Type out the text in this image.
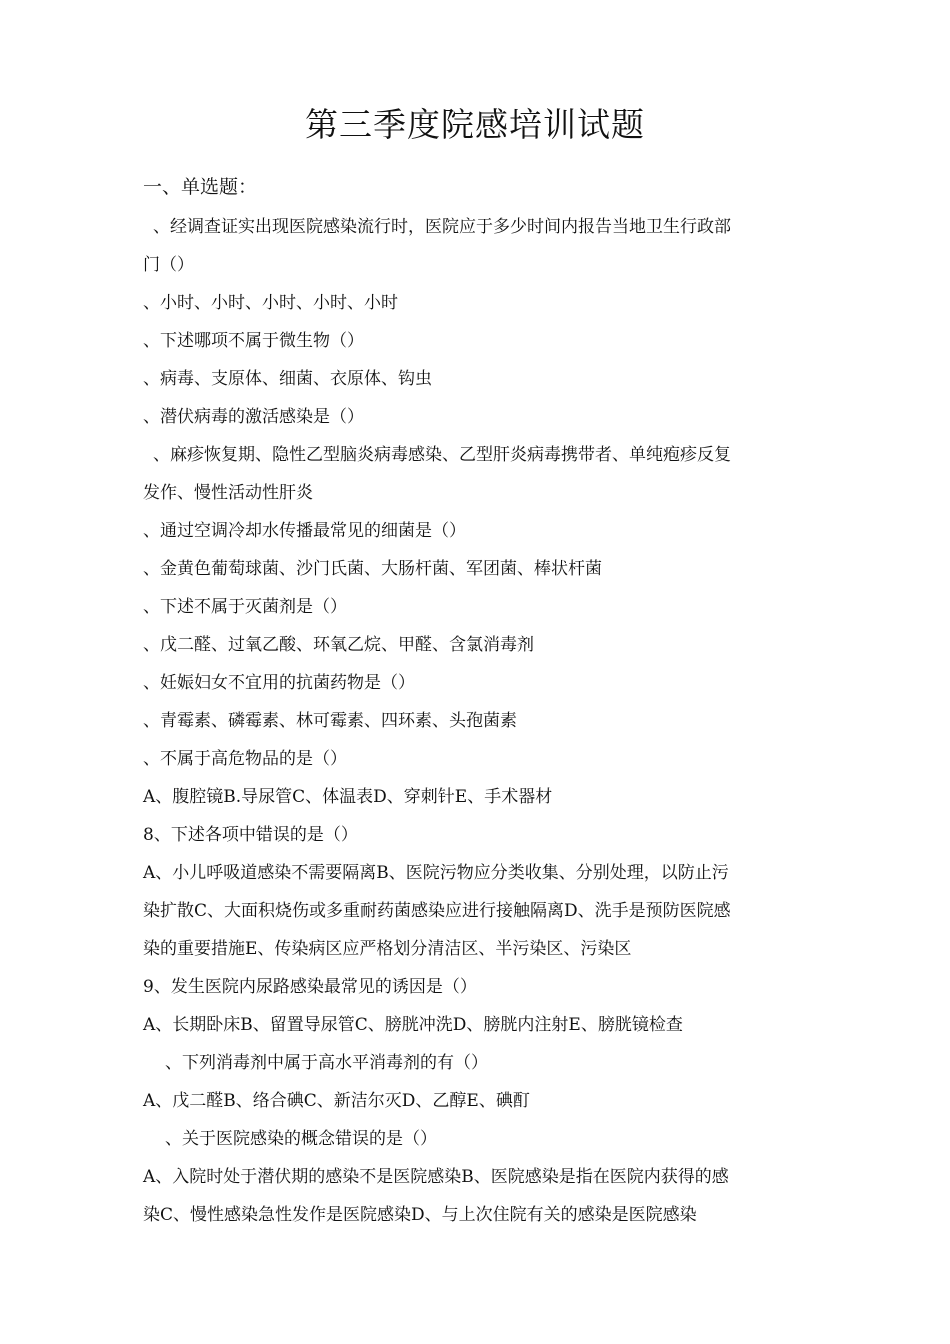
第三季度院感培训试题
一、单选题：
、经调查证实出现医院感染流行时，医院应于多少时间内报告当地卫生行政部
门（）
、小时、小时、小时、小时、小时
、下述哪项不属于微生物（）
、病毒、支原体、细菌、衣原体、钩虫
、潜伏病毒的激活感染是（）
、麻疹恢复期、隐性乙型脑炎病毒感染、乙型肝炎病毒携带者、单纯疱疹反复
发作、慢性活动性肝炎
、通过空调冷却水传播最常见的细菌是（）
、金黄色葡萄球菌、沙门氏菌、大肠杆菌、军团菌、棒状杆菌
、下述不属于灭菌剂是（）
、戊二醛、过氧乙酸、环氧乙烷、甲醛、含氯消毒剂
、妊娠妇女不宜用的抗菌药物是（）
、青霉素、磷霉素、林可霉素、四环素、头孢菌素
、不属于高危物品的是（）
A、腹腔镜B.导尿管C、体温表D、穿刺针E、手术器材
8、下述各项中错误的是（）
A、小儿呼吸道感染不需要隔离B、医院污物应分类收集、分别处理，以防止污
染扩散C、大面积烧伤或多重耐药菌感染应进行接触隔离D、洗手是预防医院感
染的重要措施E、传染病区应严格划分清洁区、半污染区、污染区
9、发生医院内尿路感染最常见的诱因是（）
A、长期卧床B、留置导尿管C、膀胱冲洗D、膀胱内注射E、膀胱镜检查
、下列消毒剂中属于高水平消毒剂的有（）
A、戊二醛B、络合碘C、新洁尔灭D、乙醇E、碘酊
、关于医院感染的概念错误的是（）
A、入院时处于潜伏期的感染不是医院感染B、医院感染是指在医院内获得的感
染C、慢性感染急性发作是医院感染D、与上次住院有关的感染是医院感染
